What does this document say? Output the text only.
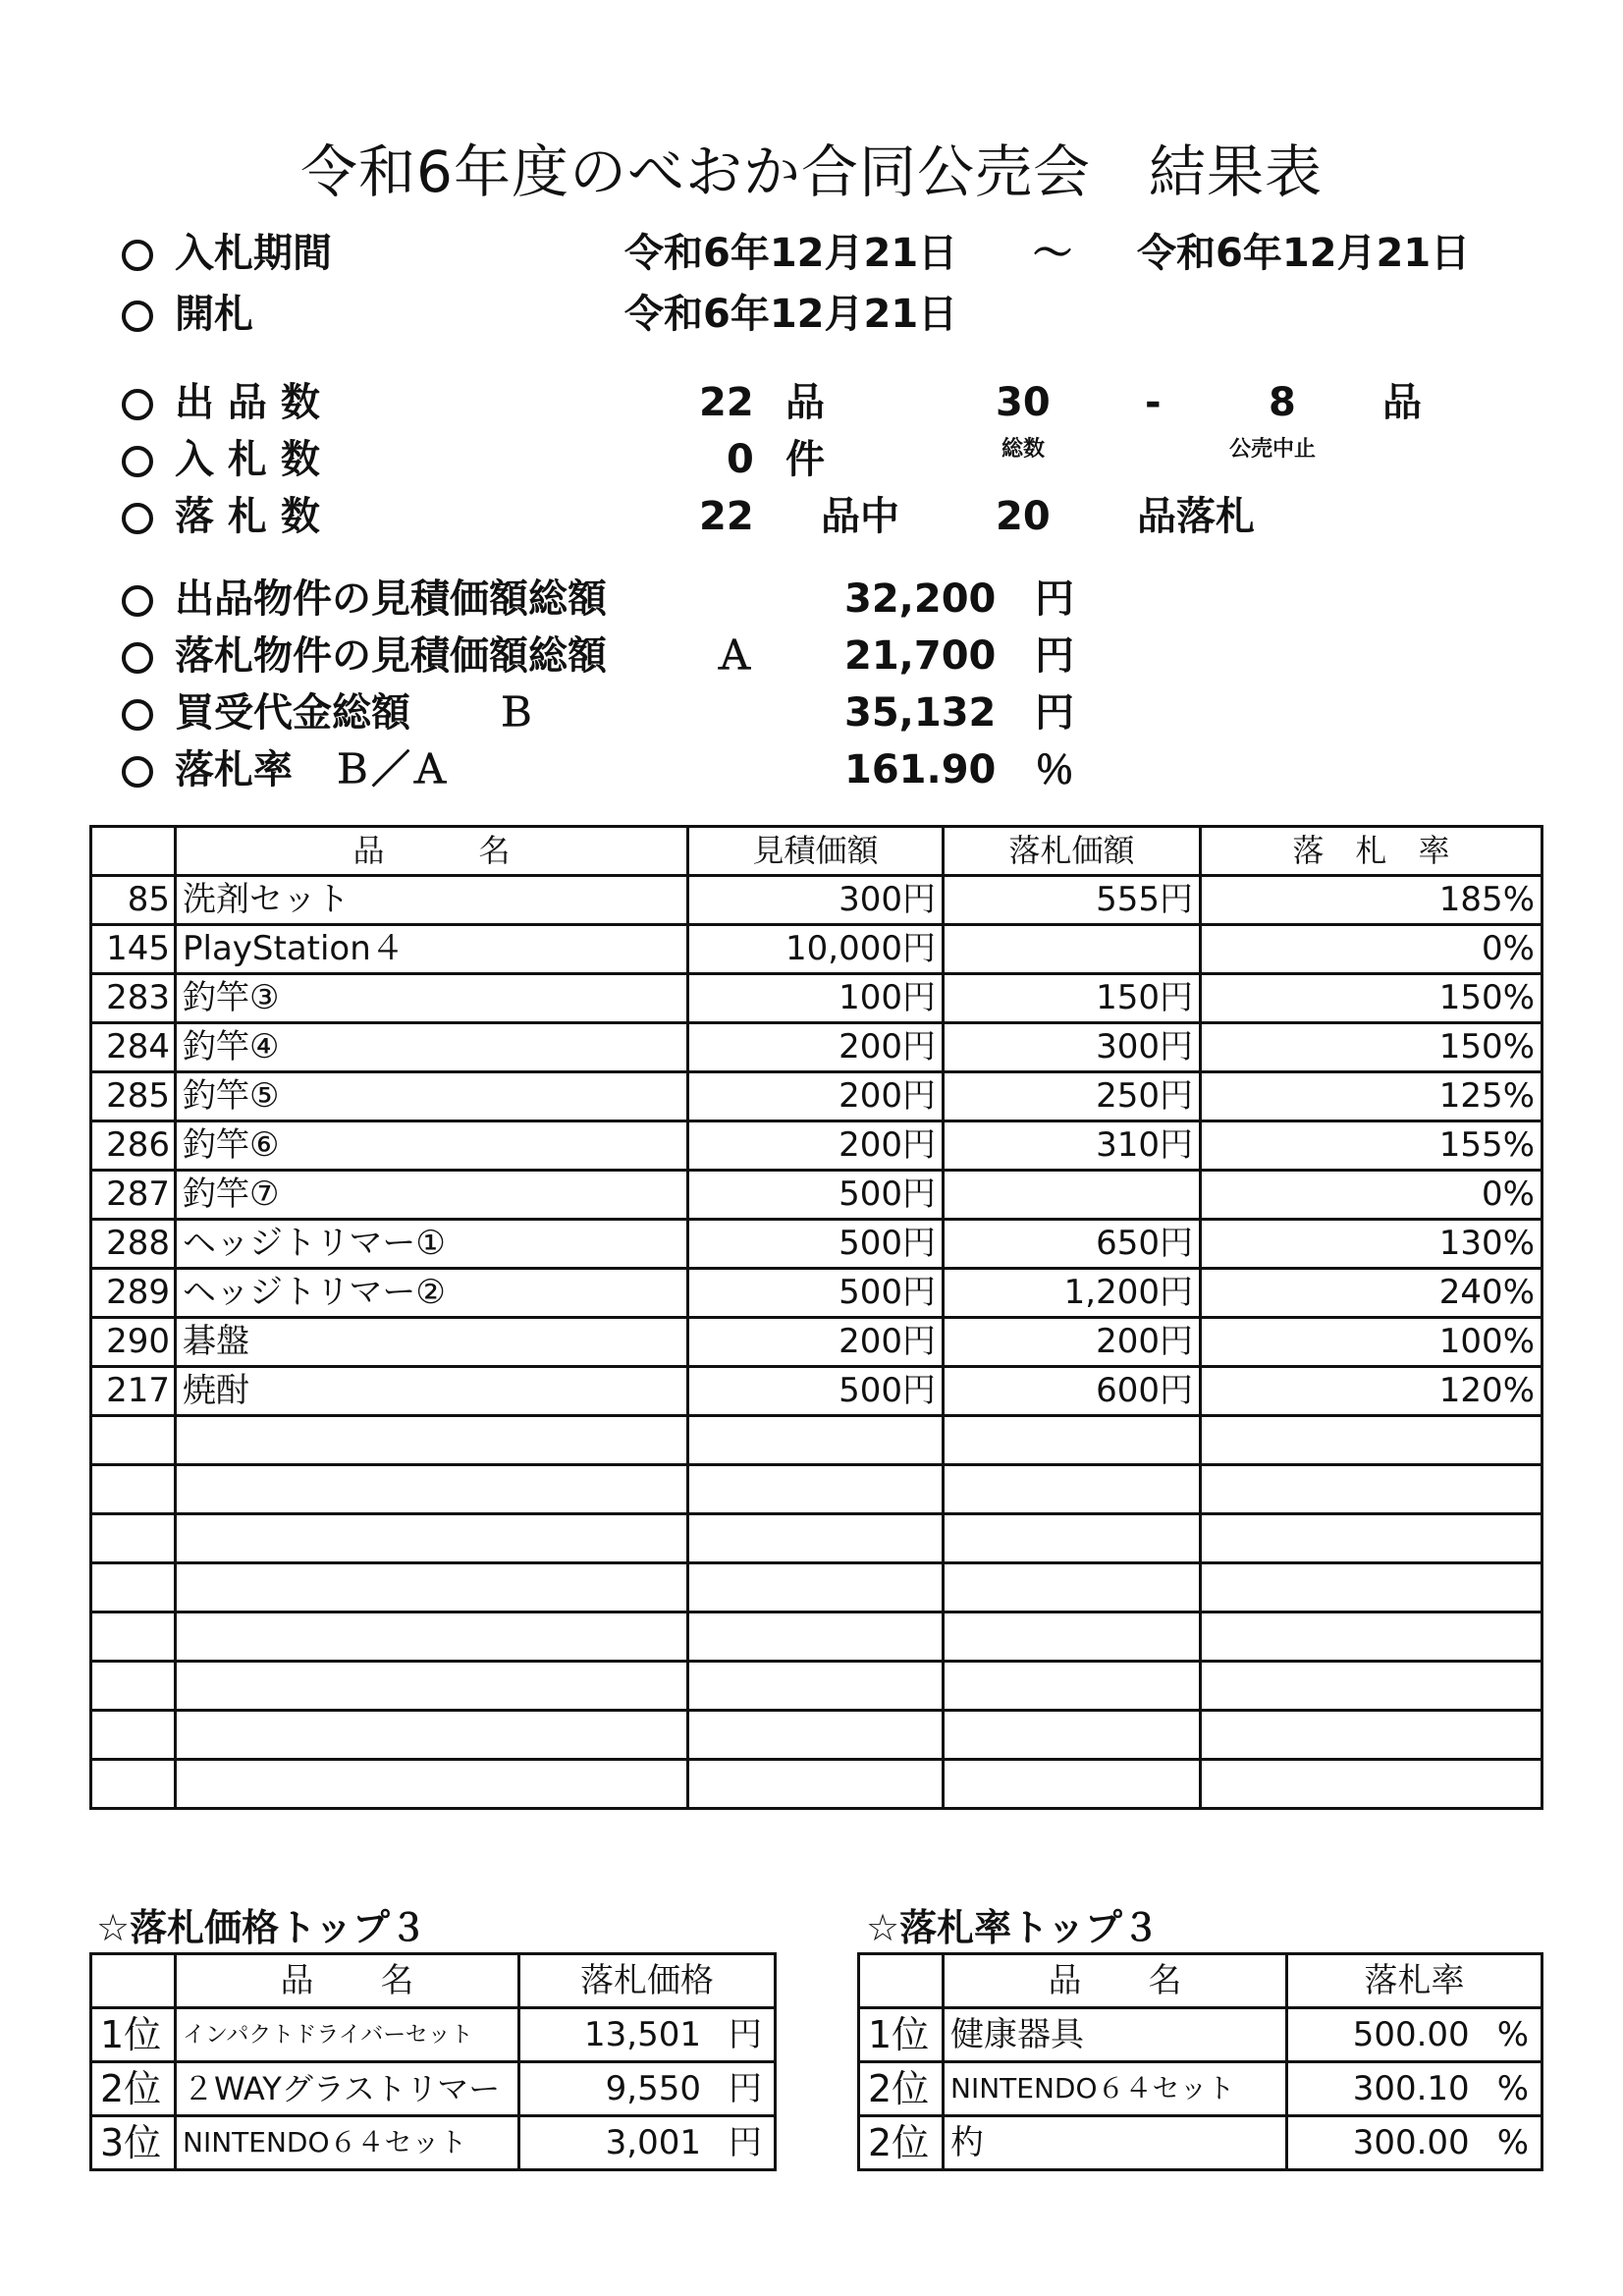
令和6年度のべおか合同公売会　結果表
入札期間	令和6年12月21日 ～ 令和6年12月21日
開札	令和6年12月21日
出 品 数	22 品	30 -	8 品
総数	公売中止
入 札 数	0 件
落 札 数	22 品中 20 品落札
出品物件の見積価額総額	32,200 円
落札物件の見積価額総額	Ａ 21,700 円
買受代金総額 Ｂ	35,132 円
落札率　Ｂ／Ａ	161.90 ％
	品　　　名	見積価額	落札価額	落　札　率
85	洗剤セット	300円	555円	185%
145	PlayStation４	10,000円		0%
283	釣竿③	100円	150円	150%
284	釣竿④	200円	300円	150%
285	釣竿⑤	200円	250円	125%
286	釣竿⑥	200円	310円	155%
287	釣竿⑦	500円		0%
288	ヘッジトリマー①	500円	650円	130%
289	ヘッジトリマー②	500円	1,200円	240%
290	碁盤	200円	200円	100%
217	焼酎	500円	600円	120%

☆落札価格トップ３
	品　　名	落札価格
1位	インパクトドライバーセット	13,501 円
2位	２WAYグラストリマー	9,550 円
3位	NINTENDO６４セット	3,001 円
☆落札率トップ３
	品　　名	落札率
1位	健康器具	500.00 %
2位	NINTENDO６４セット	300.10 %
2位	杓	300.00 %
